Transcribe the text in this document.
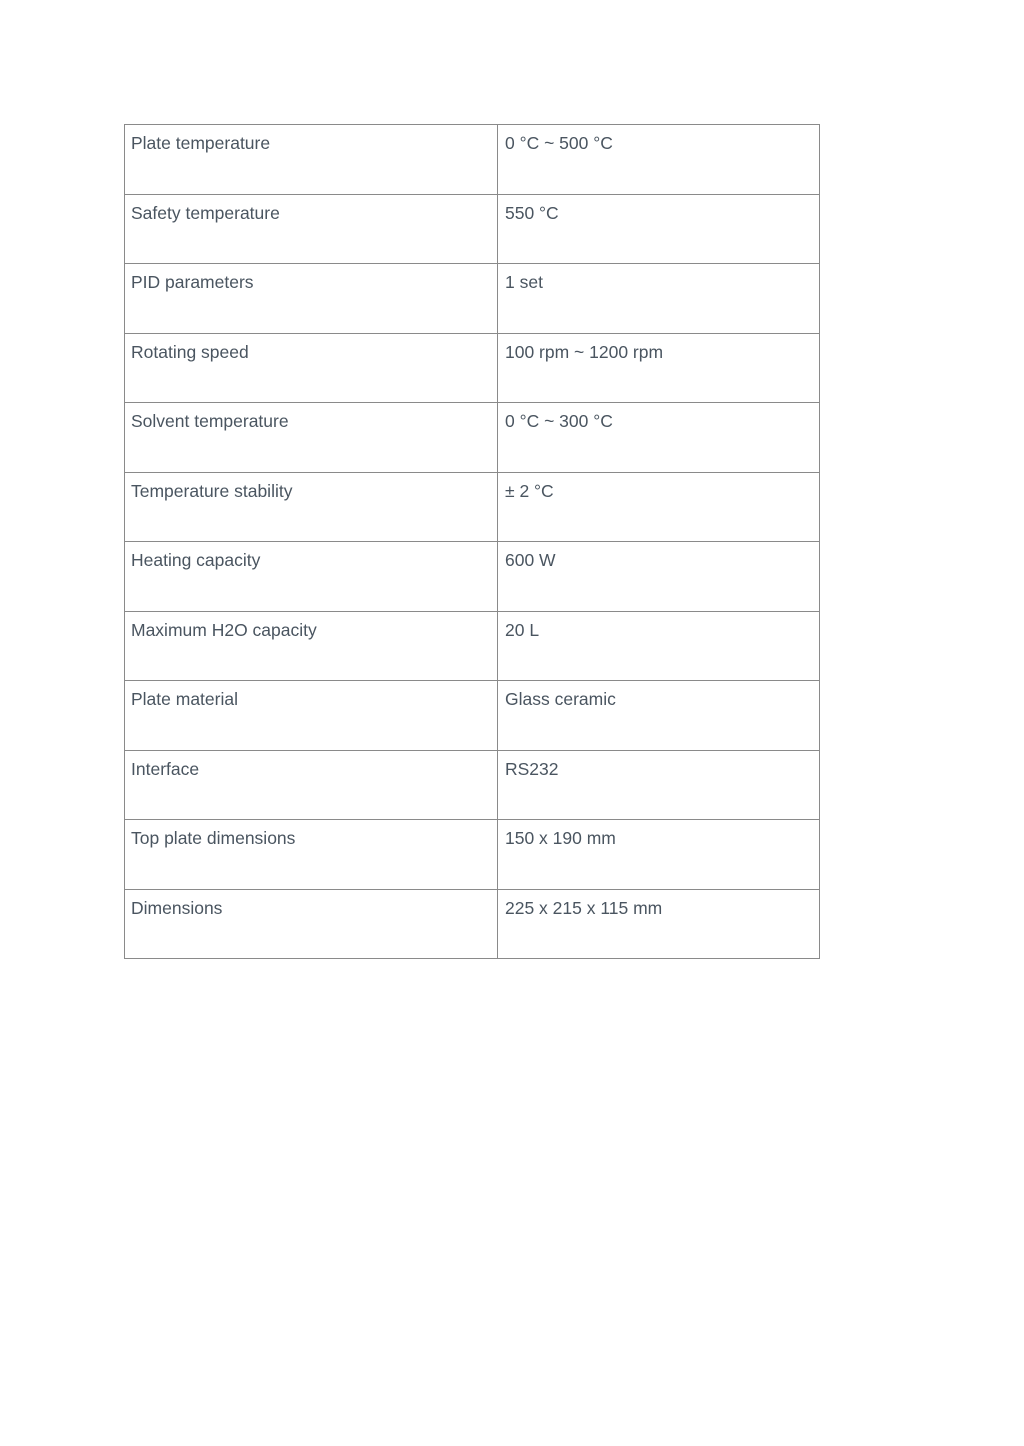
Plate temperature	0 °C ~ 500 °C
Safety temperature	550 °C
PID parameters	1 set
Rotating speed	100 rpm ~ 1200 rpm
Solvent temperature	0 °C ~ 300 °C
Temperature stability	± 2 °C
Heating capacity	600 W
Maximum H2O capacity	20 L
Plate material	Glass ceramic
Interface	RS232
Top plate dimensions	150 x 190 mm
Dimensions	225 x 215 x 115 mm
